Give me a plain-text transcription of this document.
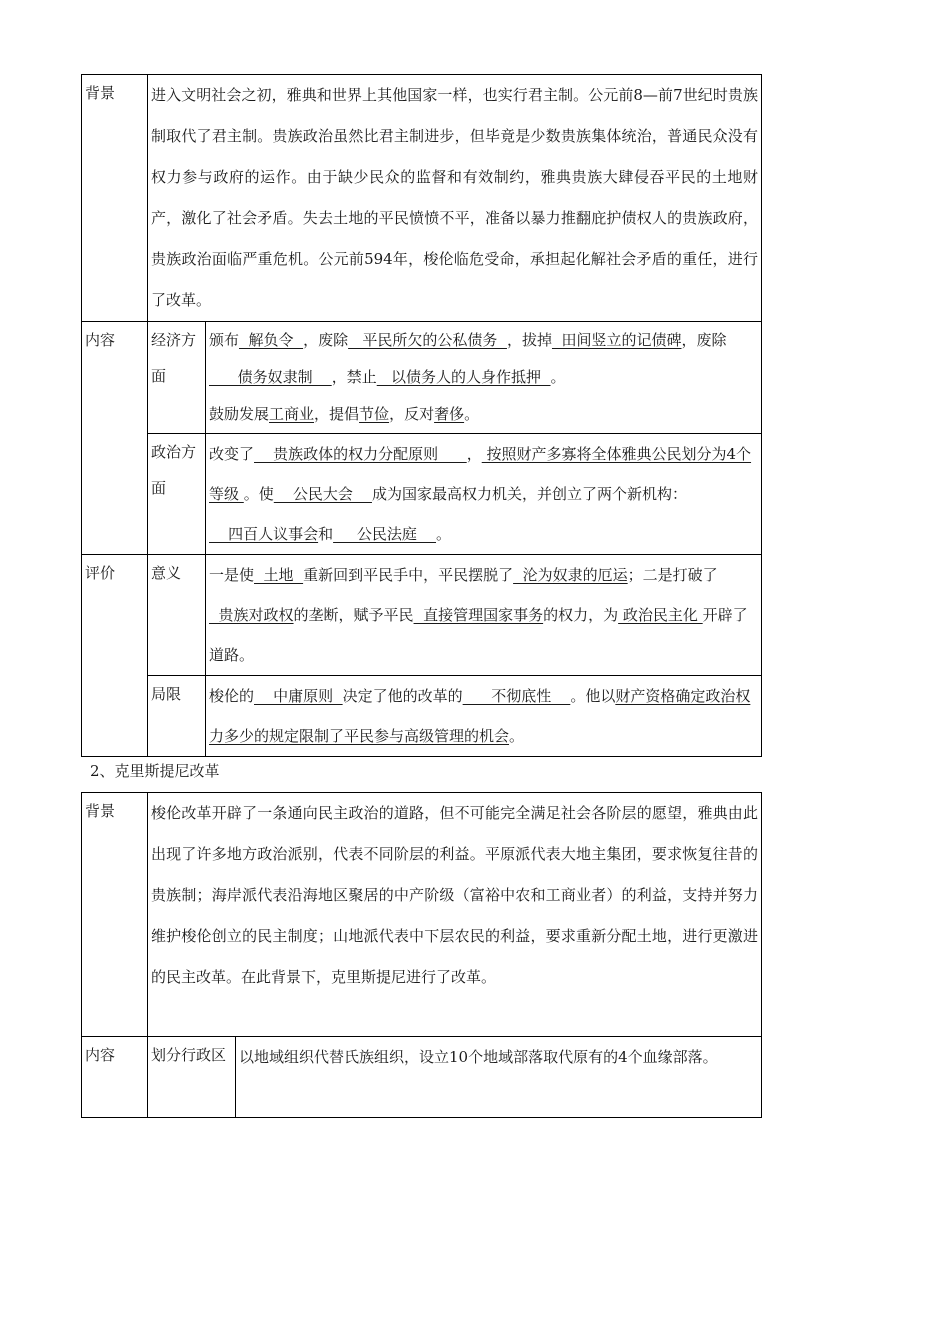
背景	进入文明社会之初，雅典和世界上其他国家一样，也实行君主制。公元前8—前7世纪时贵族制取代了君主制。贵族政治虽然比君主制进步，但毕竟是少数贵族集体统治，普通民众没有权力参与政府的运作。由于缺少民众的监督和有效制约，雅典贵族大肆侵吞平民的土地财产，激化了社会矛盾。失去土地的平民愤愤不平，准备以暴力推翻庇护债权人的贵族政府，贵族政治面临严重危机。公元前594年，梭伦临危受命，承担起化解社会矛盾的重任，进行了改革。	
内容	经济方面	颁布  解负令  ，废除   平民所欠的公私债务  ，拔掉  田间竖立的记债碑，废除      债务奴隶制    ，禁止   以债务人的人身作抵押  。
鼓励发展工商业，提倡节俭，反对奢侈。
	政治方面	改变了    贵族政体的权力分配原则      ， 按照财产多寡将全体雅典公民划分为4个等级 。使    公民大会    成为国家最高权力机关，并创立了两个新机构：    四百人议事会和     公民法庭    。
评价	意义	一是使  土地  重新回到平民手中，平民摆脱了  沦为奴隶的厄运；二是打破了  贵族对政权的垄断，赋予平民  直接管理国家事务的权力，为 政治民主化 开辟了道路。
	局限	梭伦的    中庸原则  决定了他的改革的      不彻底性    。他以财产资格确定政治权力多少的规定限制了平民参与高级管理的机会。
2、克里斯提尼改革
背景	梭伦改革开辟了一条通向民主政治的道路，但不可能完全满足社会各阶层的愿望，雅典由此出现了许多地方政治派别，代表不同阶层的利益。平原派代表大地主集团，要求恢复往昔的贵族制；海岸派代表沿海地区聚居的中产阶级（富裕中农和工商业者）的利益，支持并努力维护梭伦创立的民主制度；山地派代表中下层农民的利益，要求重新分配土地，进行更激进的民主改革。在此背景下，克里斯提尼进行了改革。	
内容	划分行政区	以地域组织代替氏族组织，设立10个地域部落取代原有的4个血缘部落。
